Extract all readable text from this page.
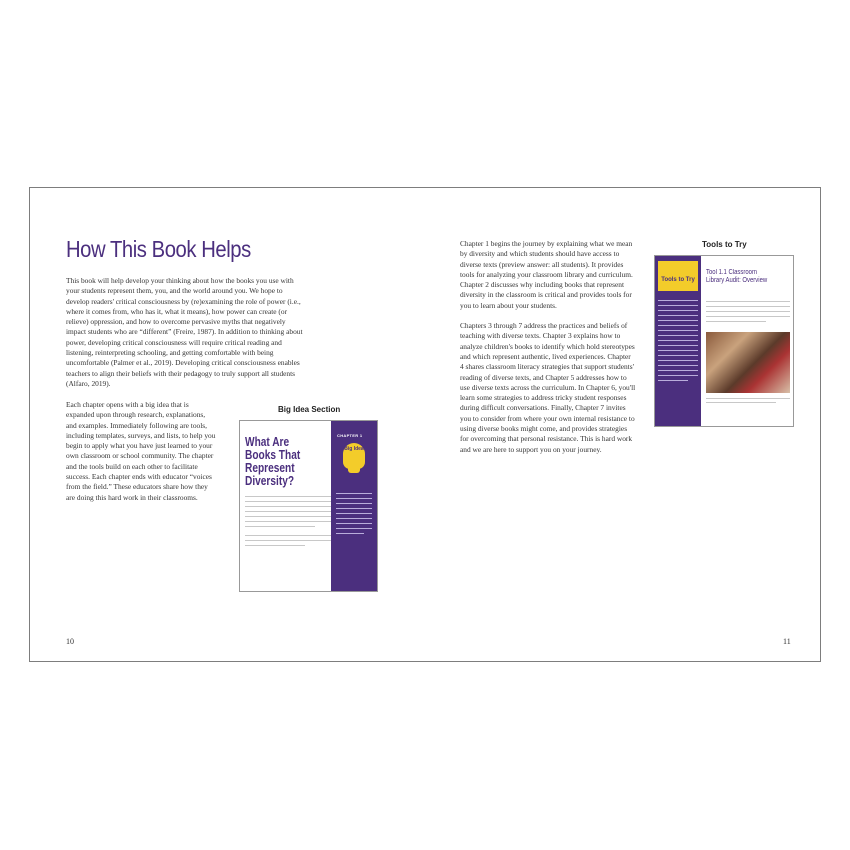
How This Book Helps

This book will help develop your thinking about how the books you use with your students represent them, you, and the world around you. We hope to develop readers' critical consciousness by (re)examining the role of power (i.e., where it comes from, who has it, what it means), how power can create (or relieve) oppression, and how to overcome pervasive myths that negatively impact students who are “different” (Freire, 1987). In addition to thinking about power, developing critical consciousness will require critical reading and listening, reinterpreting schooling, and getting comfortable with being uncomfortable (Palmer et al., 2019). Developing critical consciousness enables teachers to align their beliefs with their pedagogy to truly support all students (Alfaro, 2019).

Each chapter opens with a big idea that is expanded upon through research, explanations, and examples. Immediately following are tools, including templates, surveys, and lists, to help you begin to apply what you have just learned to your own classroom or school community. The chapter and the tools build on each other to facilitate success. Each chapter ends with educator “voices from the field.” These educators share how they are doing this hard work in their classrooms.

Big Idea Section
What Are Books That Represent Diversity?
CHAPTER 1
Big Idea
10

Chapter 1 begins the journey by explaining what we mean by diversity and which students should have access to diverse texts (preview answer: all students). It provides tools for analyzing your classroom library and curriculum. Chapter 2 discusses why including books that represent diversity in the classroom is critical and provides tools for you to learn about your students.

Chapters 3 through 7 address the practices and beliefs of teaching with diverse texts. Chapter 3 explains how to analyze children's books to identify which hold stereotypes and which represent authentic, lived experiences. Chapter 4 shares classroom literacy strategies that support students' reading of diverse texts, and Chapter 5 addresses how to use diverse texts across the curriculum. In Chapter 6, you'll learn some strategies to address tricky student responses during difficult conversations. Finally, Chapter 7 invites you to consider from where your own internal resistance to using diverse books might come, and provides strategies for overcoming that personal resistance. This is hard work and we are here to support you on your journey.

Tools to Try
Tools to Try
Tool 1.1 Classroom Library Audit: Overview
11
